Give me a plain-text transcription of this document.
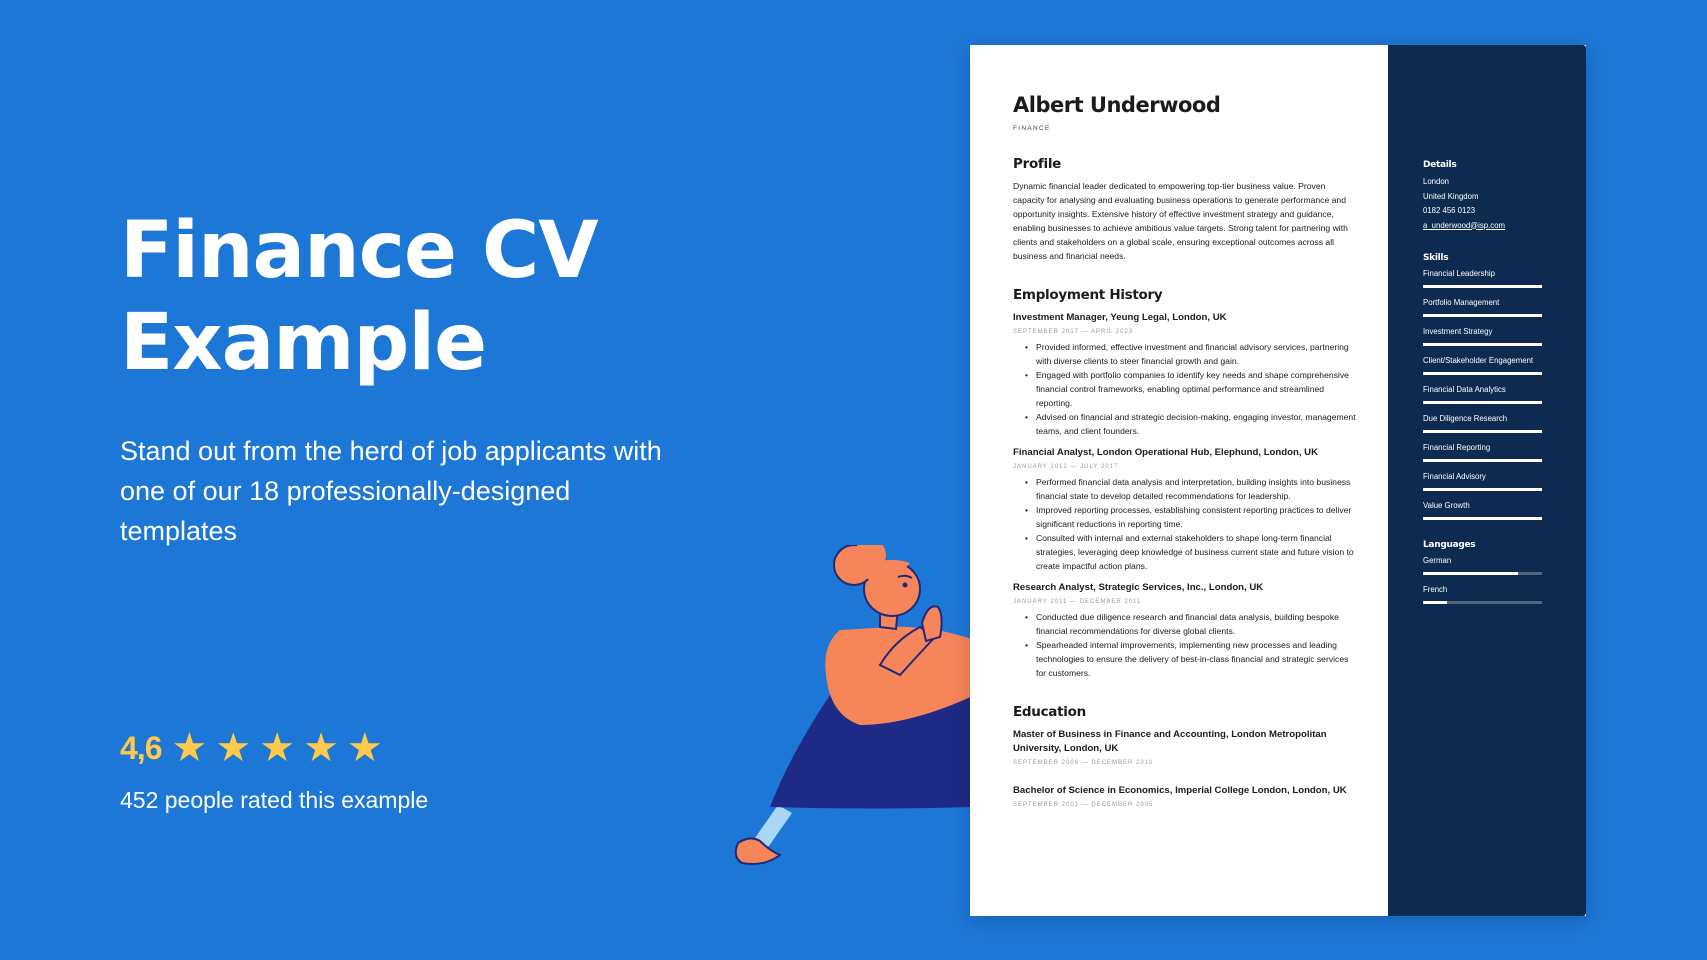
Finance CV
Example
Stand out from the herd of job applicants with one of our 18 professionally-designed templates
4,6 ★ ★ ★ ★ ★
452 people rated this example
Albert Underwood
FINANCE
Profile
Dynamic financial leader dedicated to empowering top-tier business value. Proven capacity for analysing and evaluating business operations to generate performance and opportunity insights. Extensive history of effective investment strategy and guidance, enabling businesses to achieve ambitious value targets. Strong talent for partnering with clients and stakeholders on a global scale, ensuring exceptional outcomes across all business and financial needs.
Employment History
Investment Manager, Yeung Legal, London, UK
SEPTEMBER 2017 — APRIL 2023
• Provided informed, effective investment and financial advisory services, partnering with diverse clients to steer financial growth and gain.
• Engaged with portfolio companies to identify key needs and shape comprehensive financial control frameworks, enabling optimal performance and streamlined reporting.
• Advised on financial and strategic decision-making, engaging investor, management teams, and client founders.
Financial Analyst, London Operational Hub, Elephund, London, UK
JANUARY 2012 — JULY 2017
• Performed financial data analysis and interpretation, building insights into business financial state to develop detailed recommendations for leadership.
• Improved reporting processes, establishing consistent reporting practices to deliver significant reductions in reporting time.
• Consulted with internal and external stakeholders to shape long-term financial strategies, leveraging deep knowledge of business current state and future vision to create impactful action plans.
Research Analyst, Strategic Services, Inc., London, UK
JANUARY 2011 — DECEMBER 2011
• Conducted due diligence research and financial data analysis, building bespoke financial recommendations for diverse global clients.
• Spearheaded internal improvements, implementing new processes and leading technologies to ensure the delivery of best-in-class financial and strategic services for customers.
Education
Master of Business in Finance and Accounting, London Metropolitan University, London, UK
SEPTEMBER 2006 — DECEMBER 2010
Bachelor of Science in Economics, Imperial College London, London, UK
SEPTEMBER 2001 — DECEMBER 2005
Details
London
United Kingdom
0182 456 0123
a_underwood@isp.com
Skills
Financial Leadership
Portfolio Management
Investment Strategy
Client/Stakeholder Engagement
Financial Data Analytics
Due Diligence Research
Financial Reporting
Financial Advisory
Value Growth
Languages
German
French
